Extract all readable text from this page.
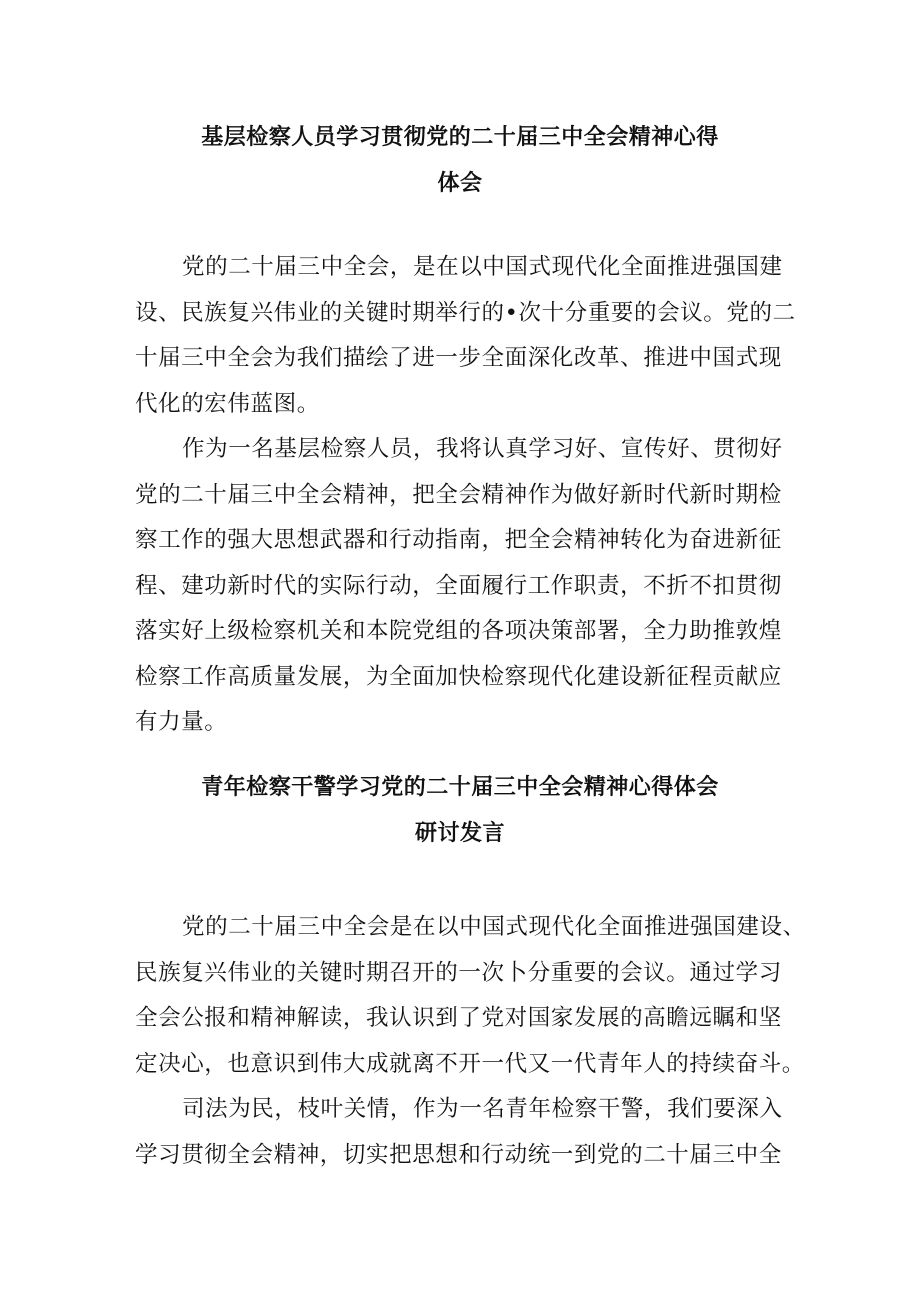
基层检察人员学习贯彻党的二十届三中全会精神心得
体会
党的二十届三中全会，是在以中国式现代化全面推进强国建
设、民族复兴伟业的关键时期举行的•次十分重要的会议。党的二
十届三中全会为我们描绘了进一步全面深化改革、推进中国式现
代化的宏伟蓝图。
作为一名基层检察人员，我将认真学习好、宣传好、贯彻好
党的二十届三中全会精神，把全会精神作为做好新时代新时期检
察工作的强大思想武器和行动指南，把全会精神转化为奋进新征
程、建功新时代的实际行动，全面履行工作职责，不折不扣贯彻
落实好上级检察机关和本院党组的各项决策部署，全力助推敦煌
检察工作高质量发展，为全面加快检察现代化建设新征程贡献应
有力量。
青年检察干警学习党的二十届三中全会精神心得体会
研讨发言
党的二十届三中全会是在以中国式现代化全面推进强国建设、
民族复兴伟业的关键时期召开的一次卜分重要的会议。通过学习
全会公报和精神解读，我认识到了党对国家发展的高瞻远瞩和坚
定决心，也意识到伟大成就离不开一代又一代青年人的持续奋斗。
司法为民，枝叶关情，作为一名青年检察干警，我们要深入
学习贯彻全会精神，切实把思想和行动统一到党的二十届三中全
